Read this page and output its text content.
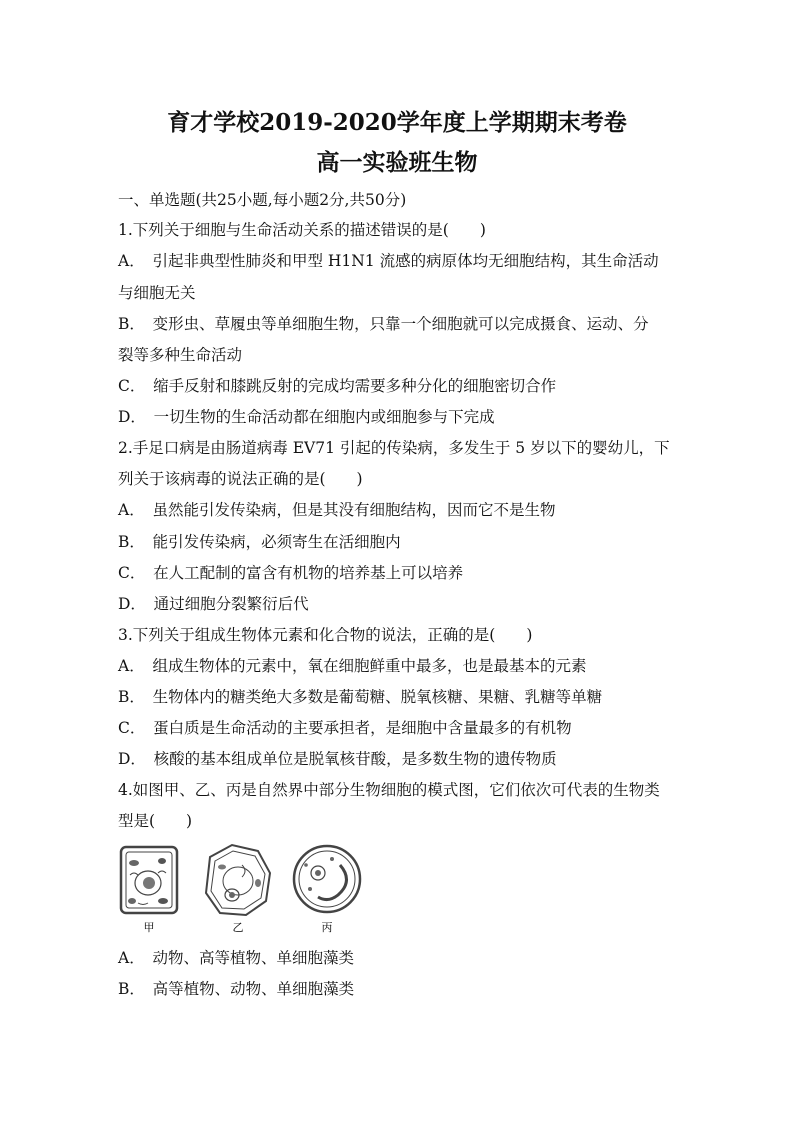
育才学校2019-2020学年度上学期期末考卷
高一实验班生物
一、单选题(共25小题,每小题2分,共50分)
1.下列关于细胞与生命活动关系的描述错误的是(　　)
A．　引起非典型性肺炎和甲型 H1N1 流感的病原体均无细胞结构，其生命活动
与细胞无关
B．　变形虫、草履虫等单细胞生物，只靠一个细胞就可以完成摄食、运动、分
裂等多种生命活动
C．　缩手反射和膝跳反射的完成均需要多种分化的细胞密切合作
D．　一切生物的生命活动都在细胞内或细胞参与下完成
2.手足口病是由肠道病毒 EV71 引起的传染病，多发生于 5 岁以下的婴幼儿，下
列关于该病毒的说法正确的是(　　)
A．　虽然能引发传染病，但是其没有细胞结构，因而它不是生物
B．　能引发传染病，必须寄生在活细胞内
C．　在人工配制的富含有机物的培养基上可以培养
D．　通过细胞分裂繁衍后代
3.下列关于组成生物体元素和化合物的说法，正确的是(　　)
A．　组成生物体的元素中，氧在细胞鲜重中最多，也是最基本的元素
B．　生物体内的糖类绝大多数是葡萄糖、脱氧核糖、果糖、乳糖等单糖
C．　蛋白质是生命活动的主要承担者，是细胞中含量最多的有机物
D．　核酸的基本组成单位是脱氧核苷酸，是多数生物的遗传物质
4.如图甲、乙、丙是自然界中部分生物细胞的模式图，它们依次可代表的生物类
型是(　　)
甲	乙	丙
A．　动物、高等植物、单细胞藻类
B．　高等植物、动物、单细胞藻类
